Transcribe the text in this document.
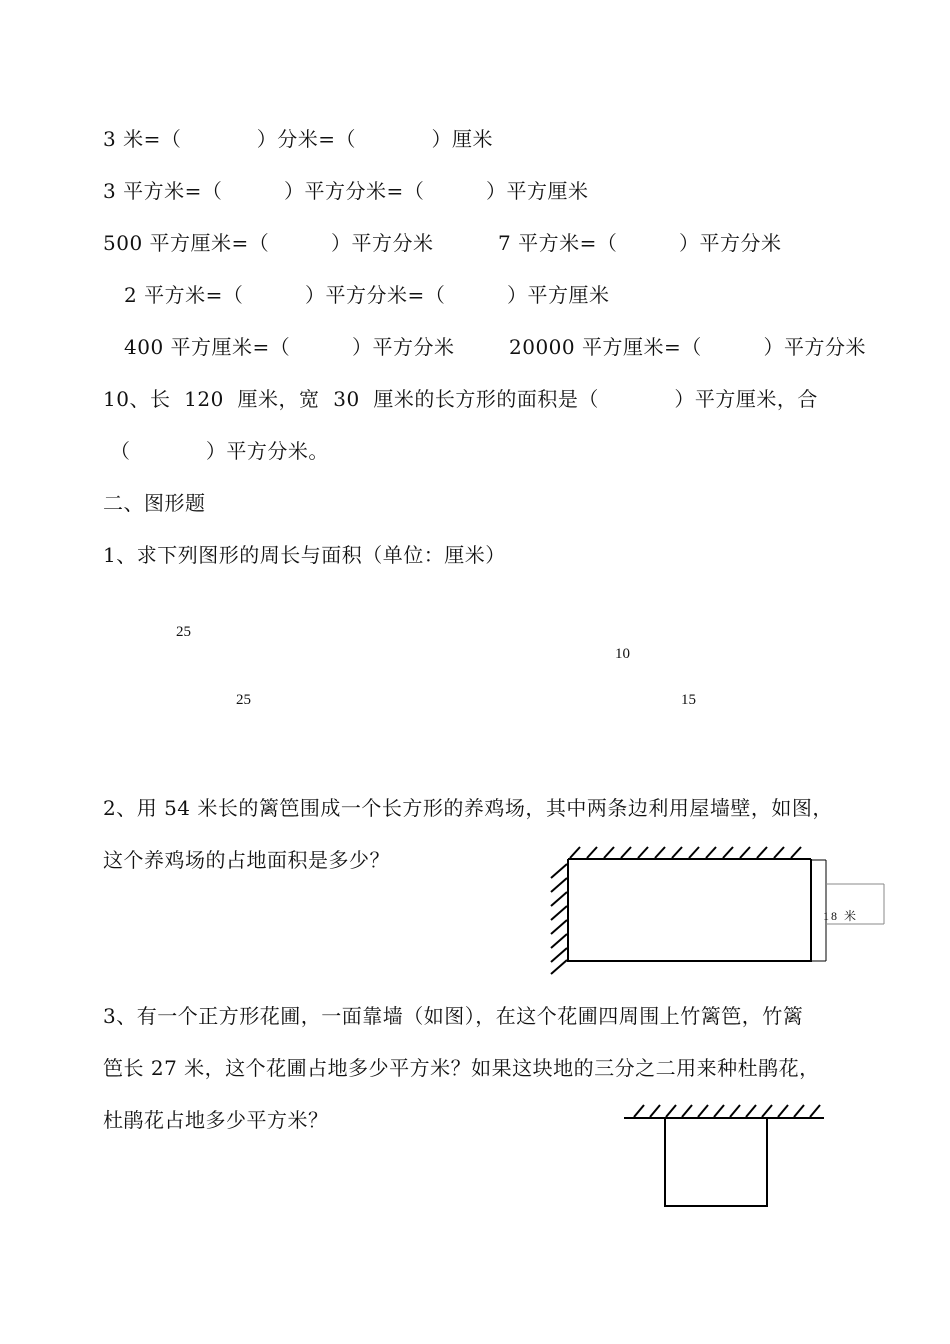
3 米=（           ）分米=（           ）厘米
3 平方米=（         ）平方分米=（         ）平方厘米
500 平方厘米=（         ）平方分米	7 平方米=（         ）平方分米
2 平方米=（         ）平方分米=（         ）平方厘米
400 平方厘米=（         ）平方分米	20000 平方厘米=（         ）平方分米
10、长  120  厘米，宽  30  厘米的长方形的面积是（           ）平方厘米，合
（           ）平方分米。
二、图形题
1、求下列图形的周长与面积（单位：厘米）
25
25
10
15
2、用 54 米长的篱笆围成一个长方形的养鸡场，其中两条边利用屋墙壁，如图，
这个养鸡场的占地面积是多少？
18 米
3、有一个正方形花圃，一面靠墙（如图），在这个花圃四周围上竹篱笆，竹篱
笆长 27 米，这个花圃占地多少平方米？如果这块地的三分之二用来种杜鹃花，
杜鹃花占地多少平方米？
